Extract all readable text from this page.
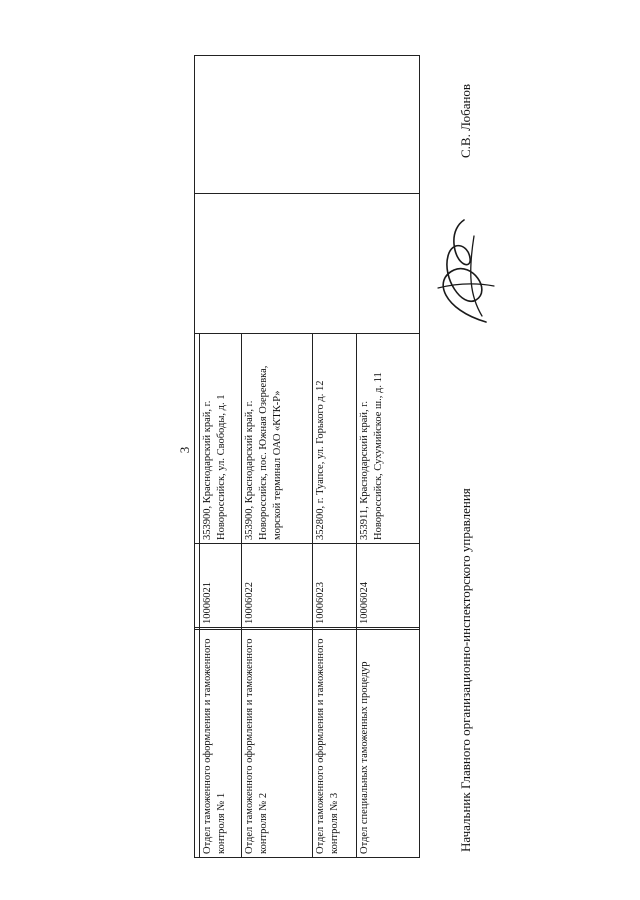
3

Отдел таможенного оформления и таможенного контроля № 1		10006021	353900, Краснодарский край, г. Новороссийск, ул. Свободы, д. 1		
Отдел таможенного оформления и таможенного контроля № 2		10006022	353900, Краснодарский край, г. Новороссийск, пос. Южная Озереевка, морской терминал ОАО «КТК-Р»		
Отдел таможенного оформления и таможенного контроля № 3		10006023	352800, г. Туапсе, ул. Горького д. 12		
Отдел специальных таможенных процедур		10006024	353911, Краснодарский край, г. Новороссийск, Сухумийское ш., д. 11		
Начальник Главного организационно-инспекторского управления
С.В. Лобанов
